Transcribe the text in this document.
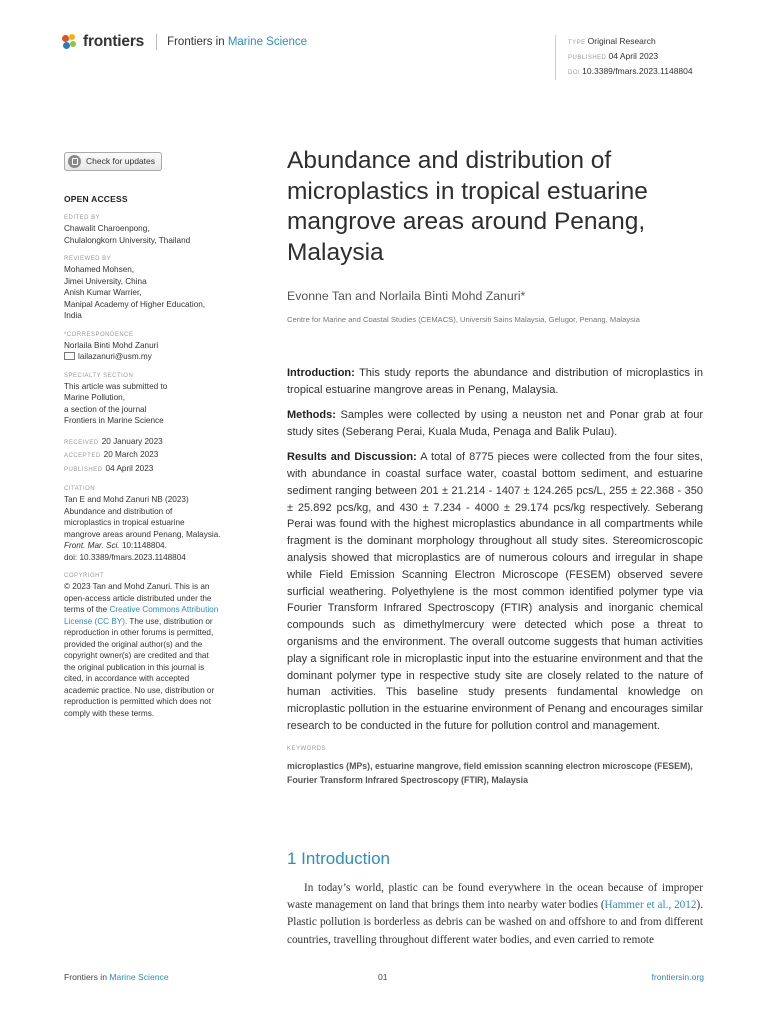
frontiers Frontiers in Marine Science	TYPE Original Research
PUBLISHED 04 April 2023
DOI 10.3389/fmars.2023.1148804
Check for updates
OPEN ACCESS
EDITED BY
Chawalit Charoenpong,
Chulalongkorn University, Thailand
REVIEWED BY
Mohamed Mohsen,
Jimei University, China
Anish Kumar Warrier,
Manipal Academy of Higher Education,
India
*CORRESPONDENCE
Norlaila Binti Mohd Zanuri
lailazanuri@usm.my
SPECIALTY SECTION
This article was submitted to
Marine Pollution,
a section of the journal
Frontiers in Marine Science
RECEIVED 20 January 2023
ACCEPTED 20 March 2023
PUBLISHED 04 April 2023
CITATION
Tan E and Mohd Zanuri NB (2023)
Abundance and distribution of
microplastics in tropical estuarine
mangrove areas around Penang, Malaysia.
Front. Mar. Sci. 10:1148804.
doi: 10.3389/fmars.2023.1148804
COPYRIGHT
© 2023 Tan and Mohd Zanuri. This is an
open-access article distributed under the
terms of the Creative Commons Attribution
License (CC BY). The use, distribution or
reproduction in other forums is permitted,
provided the original author(s) and the
copyright owner(s) are credited and that
the original publication in this journal is
cited, in accordance with accepted
academic practice. No use, distribution or
reproduction is permitted which does not
comply with these terms.
Abundance and distribution of microplastics in tropical estuarine mangrove areas around Penang, Malaysia
Evonne Tan and Norlaila Binti Mohd Zanuri*
Centre for Marine and Coastal Studies (CEMACS), Universiti Sains Malaysia, Gelugor, Penang, Malaysia

Introduction: This study reports the abundance and distribution of microplastics in tropical estuarine mangrove areas in Penang, Malaysia.

Methods: Samples were collected by using a neuston net and Ponar grab at four study sites (Seberang Perai, Kuala Muda, Penaga and Balik Pulau).

Results and Discussion: A total of 8775 pieces were collected from the four sites, with abundance in coastal surface water, coastal bottom sediment, and estuarine sediment ranging between 201 ± 21.214 - 1407 ± 124.265 pcs/L, 255 ± 22.368 - 350 ± 25.892 pcs/kg, and 430 ± 7.234 - 4000 ± 29.174 pcs/kg respectively. Seberang Perai was found with the highest microplastics abundance in all compartments while fragment is the dominant morphology throughout all study sites. Stereomicroscopic analysis showed that microplastics are of numerous colours and irregular in shape while Field Emission Scanning Electron Microscope (FESEM) observed severe surficial weathering. Polyethylene is the most common identified polymer type via Fourier Transform Infrared Spectroscopy (FTIR) analysis and inorganic chemical compounds such as dimethylmercury were detected which pose a threat to organisms and the environment. The overall outcome suggests that human activities play a significant role in microplastic input into the estuarine environment and that the dominant polymer type in respective study site are closely related to the nature of human activities. This baseline study presents fundamental knowledge on microplastic pollution in the estuarine environment of Penang and encourages similar research to be conducted in the future for pollution control and management.

KEYWORDS
microplastics (MPs), estuarine mangrove, field emission scanning electron microscope (FESEM), Fourier Transform Infrared Spectroscopy (FTIR), Malaysia
1 Introduction

In today’s world, plastic can be found everywhere in the ocean because of improper waste management on land that brings them into nearby water bodies (Hammer et al., 2012). Plastic pollution is borderless as debris can be washed on and offshore to and from different countries, travelling throughout different water bodies, and even carried to remote

Frontiers in Marine Science	01	frontiersin.org
